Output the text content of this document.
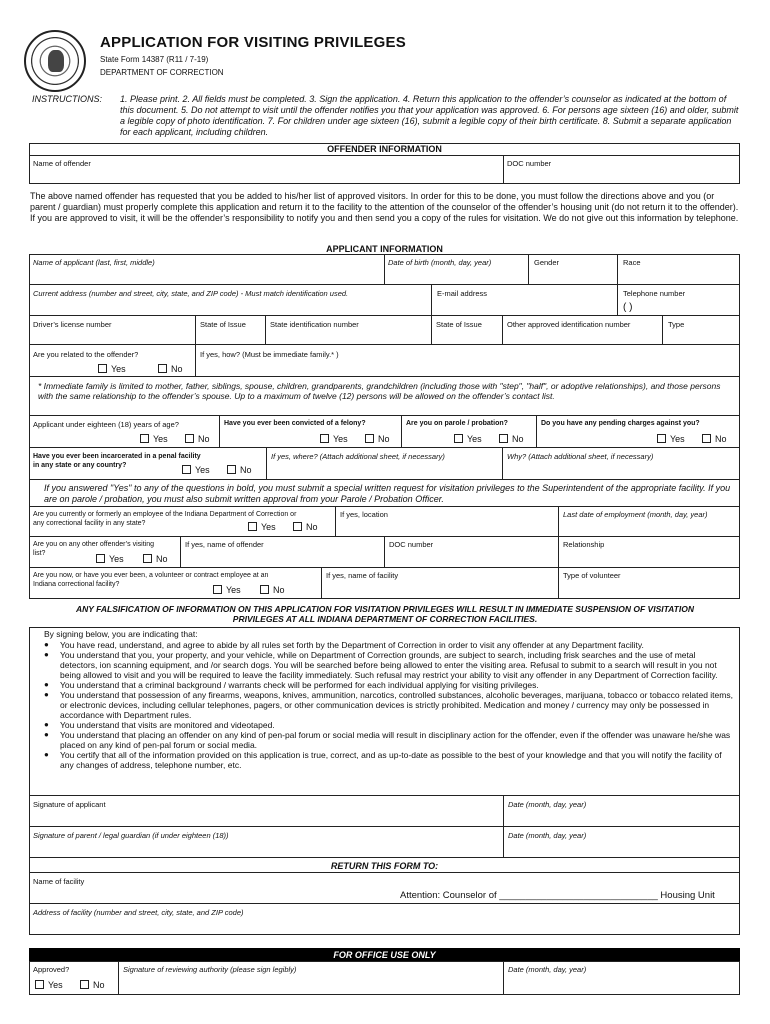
APPLICATION FOR VISITING PRIVILEGES
State Form 14387 (R11 / 7-19)
DEPARTMENT OF CORRECTION
INSTRUCTIONS: 1. Please print. 2. All fields must be completed. 3. Sign the application. 4. Return this application to the offender’s counselor as indicated at the bottom of this document. 5. Do not attempt to visit until the offender notifies you that your application was approved. 6. For persons age sixteen (16) and older, submit a legible copy of photo identification. 7. For children under age sixteen (16), submit a legible copy of their birth certificate. 8. Submit a separate application for each applicant, including children.
OFFENDER INFORMATION
Name of offender	DOC number
The above named offender has requested that you be added to his/her list of approved visitors. In order for this to be done, you must follow the directions above and you (or parent / guardian) must properly complete this application and return it to the facility to the attention of the counselor of the offender’s housing unit (do not return it to the offender). If you are approved to visit, it will be the offender’s responsibility to notify you and then send you a copy of the rules for visitation. We do not give out this information by telephone.
APPLICANT INFORMATION
Name of applicant (last, first, middle)	Date of birth (month, day, year)	Gender	Race
Current address (number and street, city, state, and ZIP code) - Must match identification used.	E-mail address	Telephone number
( )
Driver’s license number	State of Issue	State identification number	State of Issue	Other approved identification number	Type
Are you related to the offender?
Yes	No
If yes, how? (Must be immediate family.* )
* Immediate family is limited to mother, father, siblings, spouse, children, grandparents, grandchildren (including those with "step", "half", or adoptive relationships), and those persons with the same relationship to the offender’s spouse. Up to a maximum of twelve (12) persons will be allowed on the offender’s contact list.
Applicant under eighteen (18) years of age?
Yes	No
Have you ever been convicted of a felony?
Yes	No
Are you on parole / probation?
Yes	No
Do you have any pending charges against you?
Yes	No
Have you ever been incarcerated in a penal facility in any state or any country?	Yes	No
If yes, where? (Attach additional sheet, if necessary)	Why? (Attach additional sheet, if necessary)
If you answered "Yes" to any of the questions in bold, you must submit a special written request for visitation privileges to the Superintendent of the appropriate facility. If you are on parole / probation, you must also submit written approval from your Parole / Probation Officer.
Are you currently or formerly an employee of the Indiana Department of Correction or any correctional facility in any state?	Yes	No
If yes, location	Last date of employment (month, day, year)
Are you on any other offender’s visiting list?
Yes	No
If yes, name of offender	DOC number	Relationship
Are you now, or have you ever been, a volunteer or contract employee at an Indiana correctional facility?
Yes	No
If yes, name of facility	Type of volunteer
ANY FALSIFICATION OF INFORMATION ON THIS APPLICATION FOR VISITATION PRIVILEGES WILL RESULT IN IMMEDIATE SUSPENSION OF VISITATION PRIVILEGES AT ALL INDIANA DEPARTMENT OF CORRECTION FACILITIES.
By signing below, you are indicating that:
● You have read, understand, and agree to abide by all rules set forth by the Department of Correction in order to visit any offender at any Department facility.
● You understand that you, your property, and your vehicle, while on Department of Correction grounds, are subject to search, including frisk searches and the use of metal detectors, ion scanning equipment, and /or search dogs. You will be searched before being allowed to enter the visiting area. Refusal to submit to a search will result in you not being allowed to visit and you will be required to leave the facility immediately. Such refusal may restrict your ability to visit any offender in any Department of Correction facility.
● You understand that a criminal background / warrants check will be performed for each individual applying for visiting privileges.
● You understand that possession of any firearms, weapons, knives, ammunition, narcotics, controlled substances, alcoholic beverages, marijuana, tobacco or tobacco related items, or electronic devices, including cellular telephones, pagers, or other communication devices is strictly prohibited. Medication and money / currency may only be possessed in accordance with Department rules.
● You understand that visits are monitored and videotaped.
● You understand that placing an offender on any kind of pen-pal forum or social media will result in disciplinary action for the offender, even if the offender was unaware he/she was placed on any kind of pen-pal forum or social media.
● You certify that all of the information provided on this application is true, correct, and as up-to-date as possible to the best of your knowledge and that you will notify the facility of any changes of address, telephone number, etc.
Signature of applicant	Date (month, day, year)
Signature of parent / legal guardian (if under eighteen (18))	Date (month, day, year)
RETURN THIS FORM TO:
Name of facility
Attention: Counselor of ______________________________ Housing Unit
Address of facility (number and street, city, state, and ZIP code)
FOR OFFICE USE ONLY
Approved?
Yes	No
Signature of reviewing authority (please sign legibly)	Date (month, day, year)
